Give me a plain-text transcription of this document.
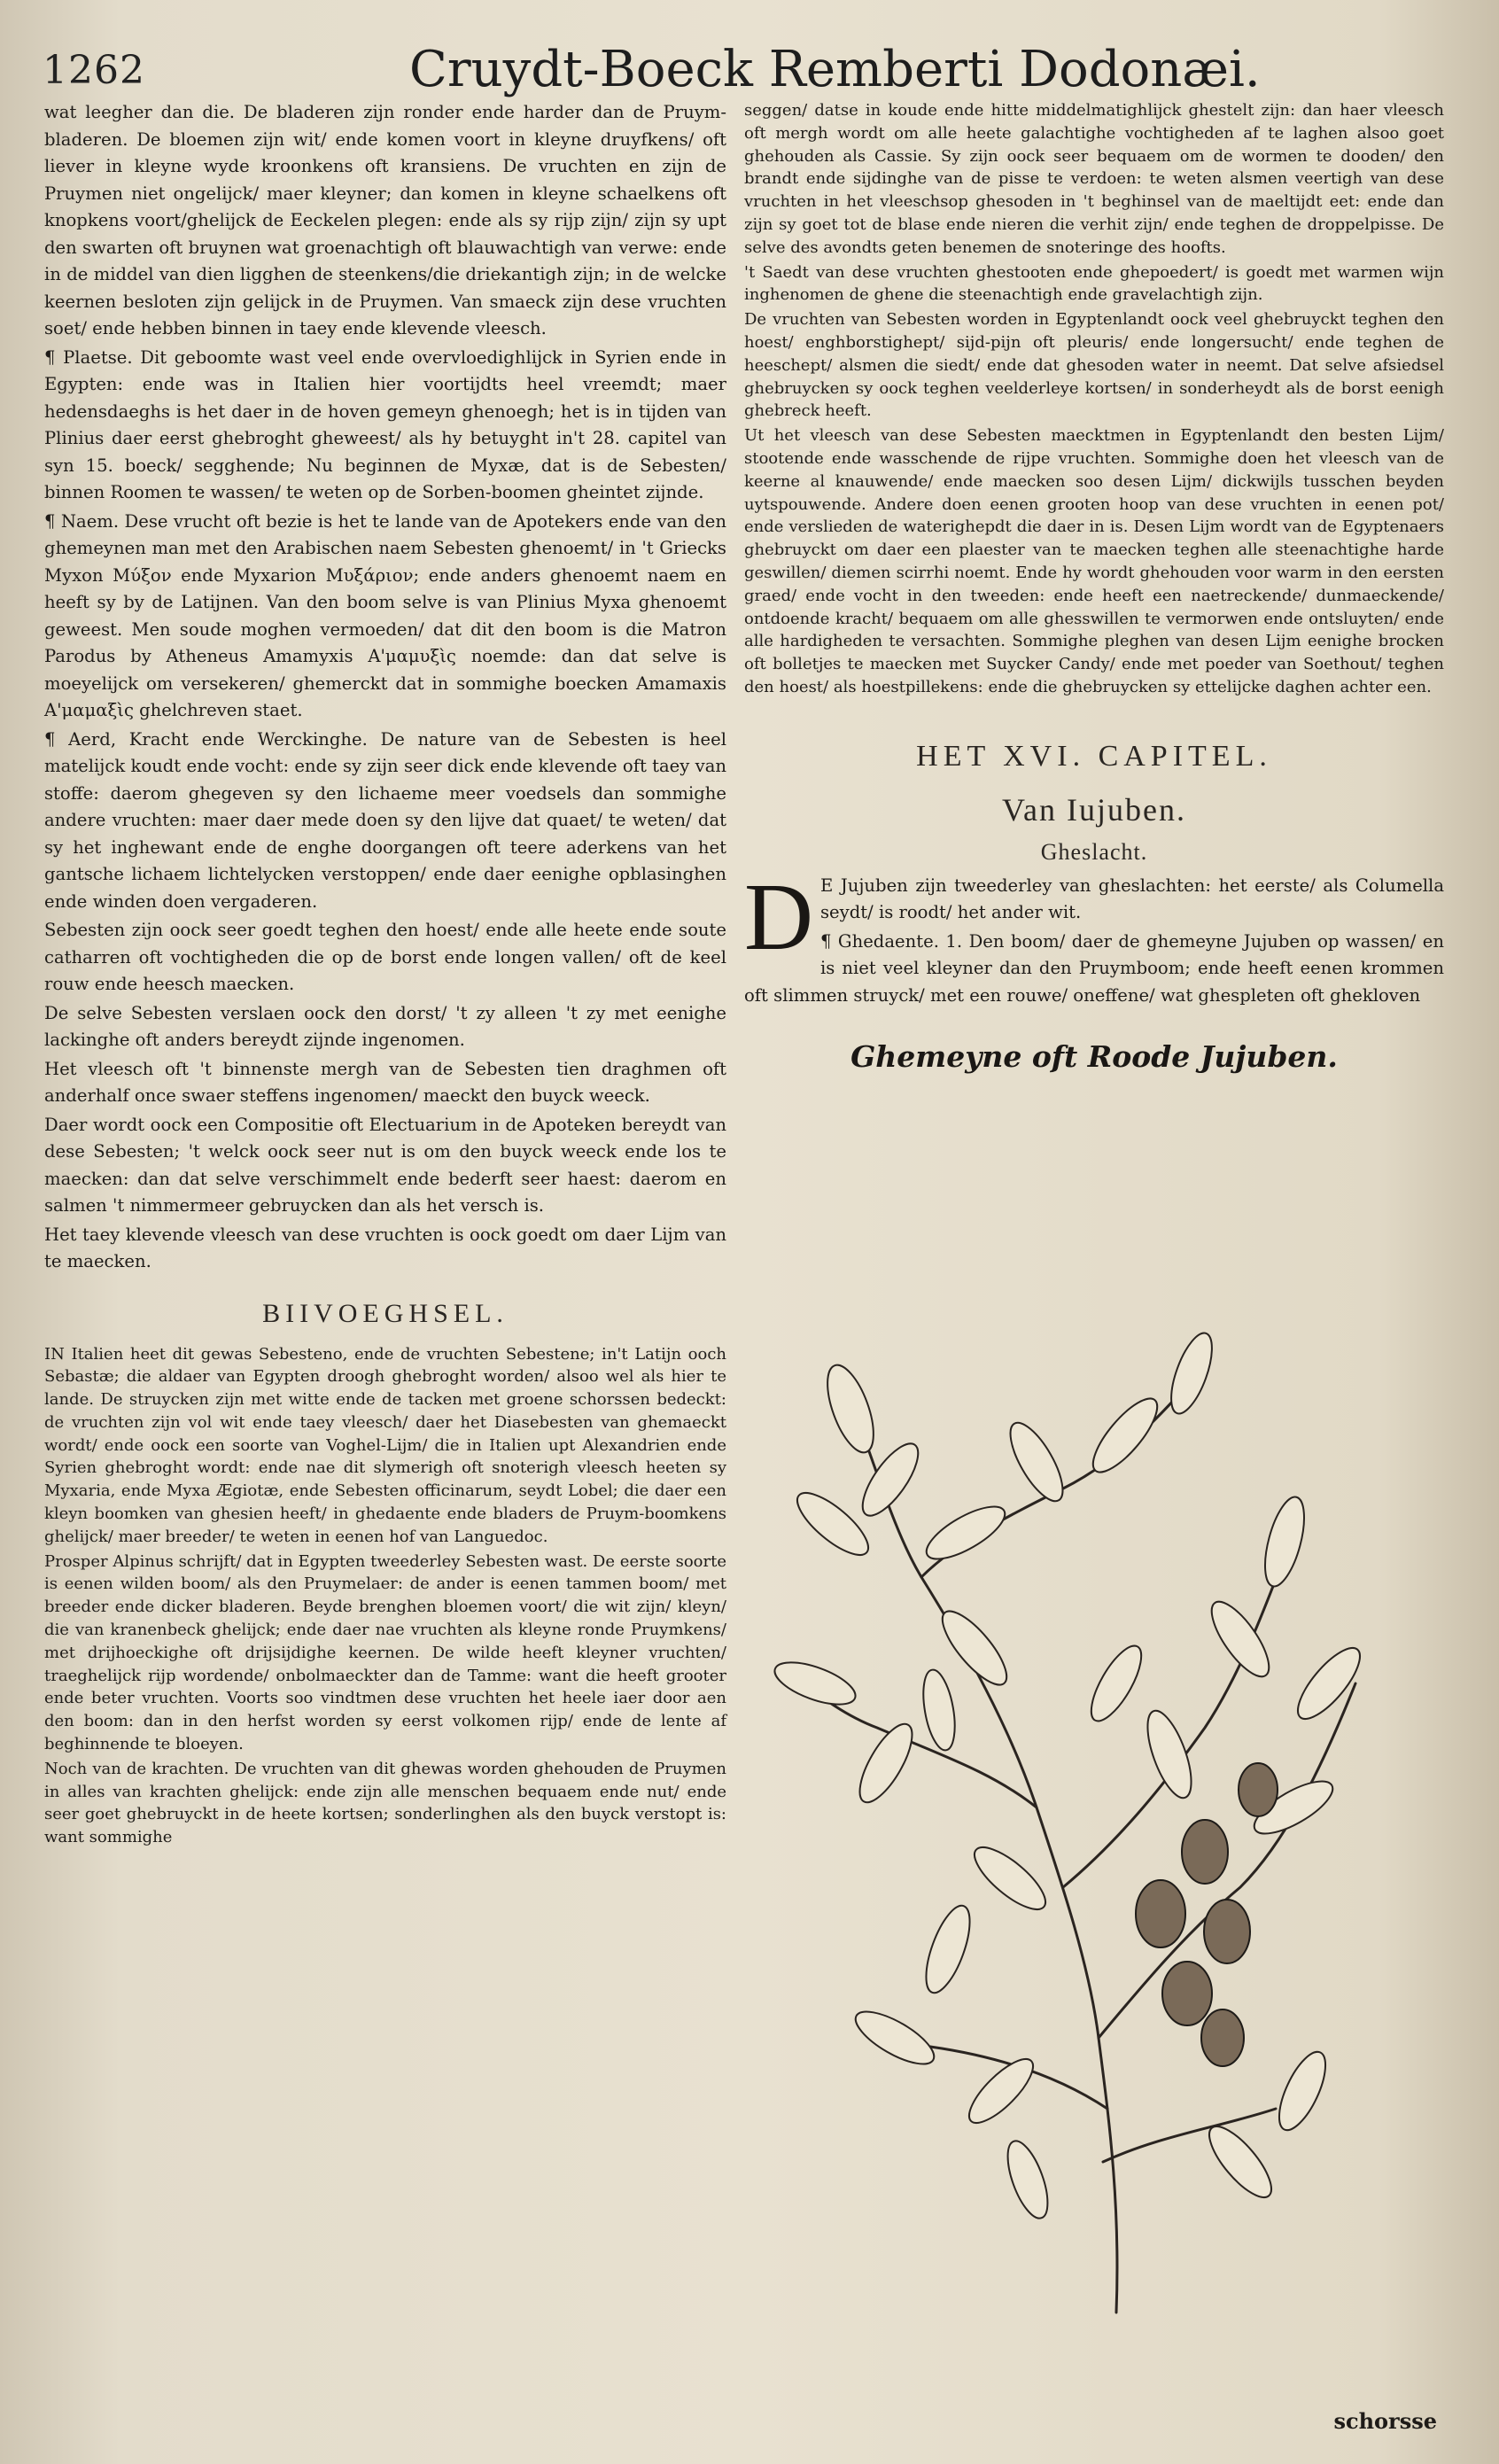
1262	Cruydt-Boeck Remberti Dodonæi.

wat leegher dan die. De bladeren zijn ronder ende harder dan de Pruym-bladeren. De bloemen zijn wit/ ende komen voort in kleyne druyfkens/ oft liever in kleyne wyde kroonkens oft kransiens. De vruchten en zijn de Pruymen niet ongelijck/ maer kleyner; dan komen in kleyne schaelkens oft knopkens voort/ghelijck de Eeckelen plegen: ende als sy rijp zijn/ zijn sy upt den swarten oft bruynen wat groenachtigh oft blauwachtigh van verwe: ende in de middel van dien ligghen de steenkens/die driekantigh zijn; in de welcke keernen besloten zijn gelijck in de Pruymen. Van smaeck zijn dese vruchten soet/ ende hebben binnen in taey ende klevende vleesch.

¶ Plaetse. Dit geboomte wast veel ende overvloedighlijck in Syrien ende in Egypten: ende was in Italien hier voortijdts heel vreemdt; maer hedensdaeghs is het daer in de hoven gemeyn ghenoegh; het is in tijden van Plinius daer eerst ghebroght gheweest/ als hy betuyght in't 28. capitel van syn 15. boeck/ segghende; Nu beginnen de Myxæ, dat is de Sebesten/ binnen Roomen te wassen/ te weten op de Sorben-boomen gheintet zijnde.

¶ Naem. Dese vrucht oft bezie is het te lande van de Apotekers ende van den ghemeynen man met den Arabischen naem Sebesten ghenoemt/ in 't Griecks Myxon Μύξον ende Myxarion Μυξάριον; ende anders ghenoemt naem en heeft sy by de Latijnen. Van den boom selve is van Plinius Myxa ghenoemt geweest. Men soude moghen vermoeden/ dat dit den boom is die Matron Parodus by Atheneus Amamyxis Α'μαμυξὶς noemde: dan dat selve is moeyelijck om versekeren/ ghemerckt dat in sommighe boecken Amamaxis Α'μαμαξὶς ghelchreven staet.

¶ Aerd, Kracht ende Werckinghe. De nature van de Sebesten is heel matelijck koudt ende vocht: ende sy zijn seer dick ende klevende oft taey van stoffe: daerom ghegeven sy den lichaeme meer voedsels dan sommighe andere vruchten: maer daer mede doen sy den lijve dat quaet/ te weten/ dat sy het inghewant ende de enghe doorgangen oft teere aderkens van het gantsche lichaem lichtelycken verstoppen/ ende daer eenighe opblasinghen ende winden doen vergaderen.

Sebesten zijn oock seer goedt teghen den hoest/ ende alle heete ende soute catharren oft vochtigheden die op de borst ende longen vallen/ oft de keel rouw ende heesch maecken.

De selve Sebesten verslaen oock den dorst/ 't zy alleen 't zy met eenighe lackinghe oft anders bereydt zijnde ingenomen.

Het vleesch oft 't binnenste mergh van de Sebesten tien draghmen oft anderhalf once swaer steffens ingenomen/ maeckt den buyck weeck.

Daer wordt oock een Compositie oft Electuarium in de Apoteken bereydt van dese Sebesten; 't welck oock seer nut is om den buyck weeck ende los te maecken: dan dat selve verschimmelt ende bederft seer haest: daerom en salmen 't nimmermeer gebruycken dan als het versch is.

Het taey klevende vleesch van dese vruchten is oock goedt om daer Lijm van te maecken.

BIIVOEGHSEL.

IN Italien heet dit gewas Sebesteno, ende de vruchten Sebestene; in't Latijn ooch Sebastæ; die aldaer van Egypten droogh ghebroght worden/ alsoo wel als hier te lande. De struycken zijn met witte ende de tacken met groene schorssen bedeckt: de vruchten zijn vol wit ende taey vleesch/ daer het Diasebesten van ghemaeckt wordt/ ende oock een soorte van Voghel-Lijm/ die in Italien upt Alexandrien ende Syrien ghebroght wordt: ende nae dit slymerigh oft snoterigh vleesch heeten sy Myxaria, ende Myxa Ægiotæ, ende Sebesten officinarum, seydt Lobel; die daer een kleyn boomken van ghesien heeft/ in ghedaente ende bladers de Pruym-boomkens ghelijck/ maer breeder/ te weten in eenen hof van Languedoc.

Prosper Alpinus schrijft/ dat in Egypten tweederley Sebesten wast. De eerste soorte is eenen wilden boom/ als den Pruymelaer: de ander is eenen tammen boom/ met breeder ende dicker bladeren. Beyde brenghen bloemen voort/ die wit zijn/ kleyn/ die van kranenbeck ghelijck; ende daer nae vruchten als kleyne ronde Pruymkens/ met drijhoeckighe oft drijsijdighe keernen. De wilde heeft kleyner vruchten/ traeghelijck rijp wordende/ onbolmaeckter dan de Tamme: want die heeft grooter ende beter vruchten. Voorts soo vindtmen dese vruchten het heele iaer door aen den boom: dan in den herfst worden sy eerst volkomen rijp/ ende de lente af beghinnende te bloeyen.

Noch van de krachten. De vruchten van dit ghewas worden ghehouden de Pruymen in alles van krachten ghelijck: ende zijn alle menschen bequaem ende nut/ ende seer goet ghebruyckt in de heete kortsen; sonderlinghen als den buyck verstopt is: want sommighe

seggen/ datse in koude ende hitte middelmatighlijck ghestelt zijn: dan haer vleesch oft mergh wordt om alle heete galachtighe vochtigheden af te laghen alsoo goet ghehouden als Cassie. Sy zijn oock seer bequaem om de wormen te dooden/ den brandt ende sijdinghe van de pisse te verdoen: te weten alsmen veertigh van dese vruchten in het vleeschsop ghesoden in 't beghinsel van de maeltijdt eet: ende dan zijn sy goet tot de blase ende nieren die verhit zijn/ ende teghen de droppelpisse. De selve des avondts geten benemen de snoteringe des hoofts.

't Saedt van dese vruchten ghestooten ende ghepoedert/ is goedt met warmen wijn inghenomen de ghene die steenachtigh ende gravelachtigh zijn.

De vruchten van Sebesten worden in Egyptenlandt oock veel ghebruyckt teghen den hoest/ enghborstighept/ sijd-pijn oft pleuris/ ende longersucht/ ende teghen de heeschept/ alsmen die siedt/ ende dat ghesoden water in neemt. Dat selve afsiedsel ghebruycken sy oock teghen veelderleye kortsen/ in sonderheydt als de borst eenigh ghebreck heeft.

Ut het vleesch van dese Sebesten maecktmen in Egyptenlandt den besten Lijm/ stootende ende wasschende de rijpe vruchten. Sommighe doen het vleesch van de keerne al knauwende/ ende maecken soo desen Lijm/ dickwijls tusschen beyden uytspouwende. Andere doen eenen grooten hoop van dese vruchten in eenen pot/ ende verslieden de waterighepdt die daer in is. Desen Lijm wordt van de Egyptenaers ghebruyckt om daer een plaester van te maecken teghen alle steenachtighe harde geswillen/ diemen scirrhi noemt. Ende hy wordt ghehouden voor warm in den eersten graed/ ende vocht in den tweeden: ende heeft een naetreckende/ dunmaeckende/ ontdoende kracht/ bequaem om alle ghesswillen te vermorwen ende ontsluyten/ ende alle hardigheden te versachten. Sommighe pleghen van desen Lijm eenighe brocken oft bolletjes te maecken met Suycker Candy/ ende met poeder van Soethout/ teghen den hoest/ als hoestpillekens: ende die ghebruycken sy ettelijcke daghen achter een.

HET XVI. CAPITEL.
Van Iujuben.
Gheslacht.
D E Jujuben zijn tweederley van gheslachten: het eerste/ als Columella seydt/ is roodt/ het ander wit.

¶ Ghedaente. 1. Den boom/ daer de ghemeyne Jujuben op wassen/ en is niet veel kleyner dan den Pruymboom; ende heeft eenen krommen oft slimmen struyck/ met een rouwe/ oneffene/ wat ghespleten oft ghekloven

Ghemeyne oft Roode Jujuben.
schorsse
